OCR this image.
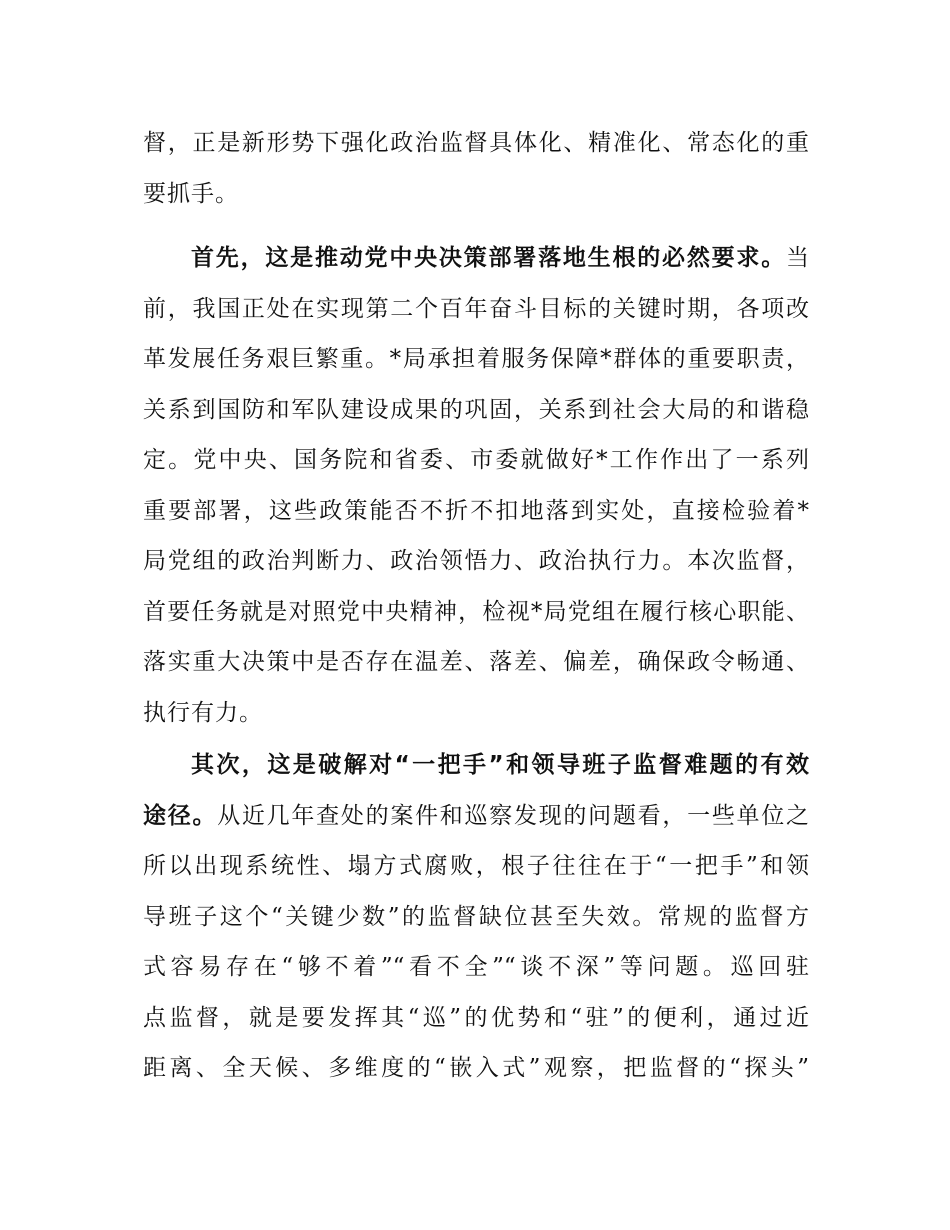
督，正是新形势下强化政治监督具体化、精准化、常态化的重
要抓手。
首先，这是推动党中央决策部署落地生根的必然要求。当
前，我国正处在实现第二个百年奋斗目标的关键时期，各项改
革发展任务艰巨繁重。*局承担着服务保障*群体的重要职责，
关系到国防和军队建设成果的巩固，关系到社会大局的和谐稳
定。党中央、国务院和省委、市委就做好*工作作出了一系列
重要部署，这些政策能否不折不扣地落到实处，直接检验着*
局党组的政治判断力、政治领悟力、政治执行力。本次监督，
首要任务就是对照党中央精神，检视*局党组在履行核心职能、
落实重大决策中是否存在温差、落差、偏差，确保政令畅通、
执行有力。
其次，这是破解对“一把手”和领导班子监督难题的有效
途径。从近几年查处的案件和巡察发现的问题看，一些单位之
所以出现系统性、塌方式腐败，根子往往在于“一把手”和领
导班子这个“关键少数”的监督缺位甚至失效。常规的监督方
式容易存在“够不着”“看不全”“谈不深”等问题。巡回驻
点监督，就是要发挥其“巡”的优势和“驻”的便利，通过近
距离、全天候、多维度的“嵌入式”观察，把监督的“探头”
